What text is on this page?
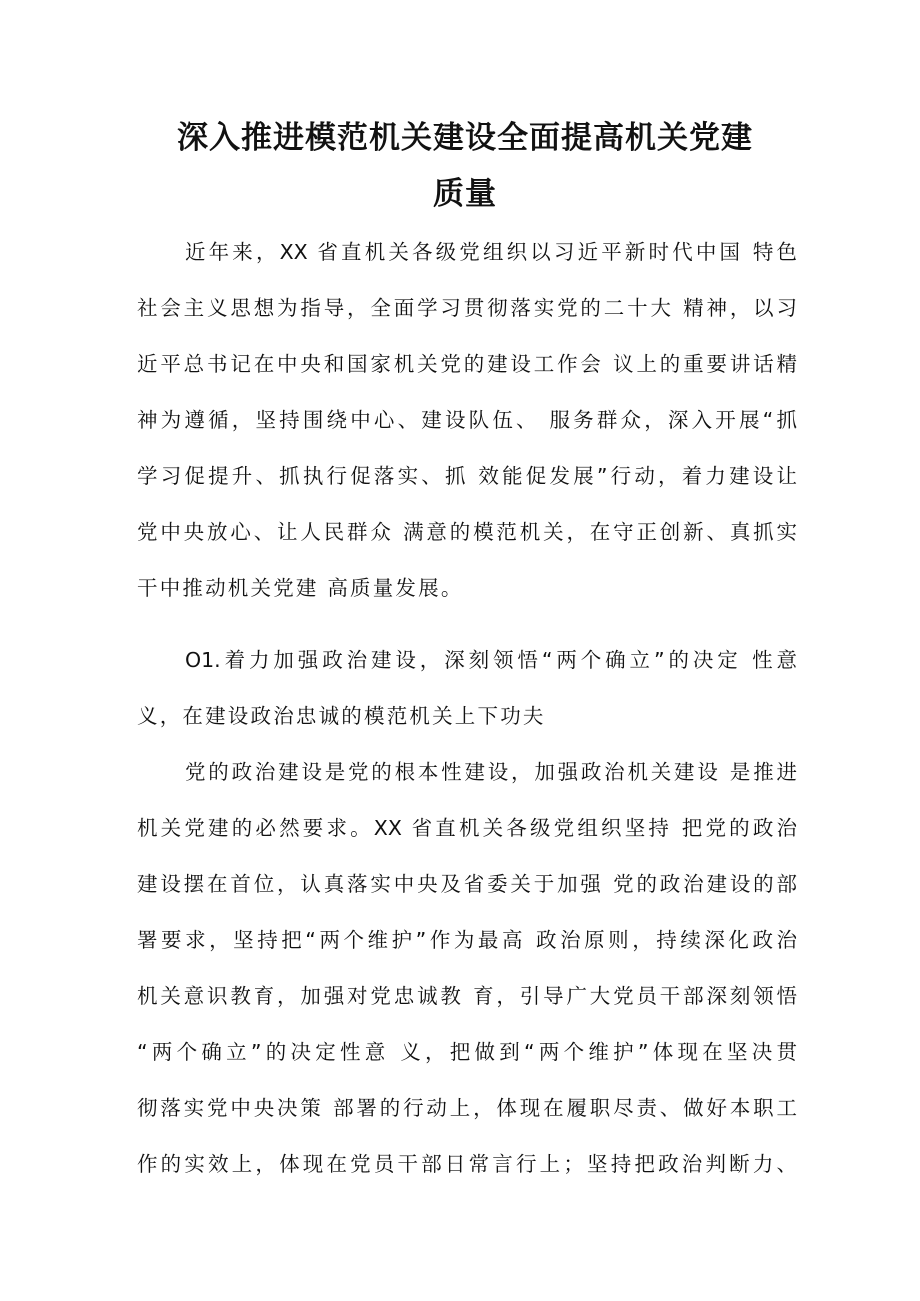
深入推进模范机关建设全面提高机关党建
质量
近年来，XX 省直机关各级党组织以习近平新时代中国 特色
社会主义思想为指导，全面学习贯彻落实党的二十大 精神，以习
近平总书记在中央和国家机关党的建设工作会 议上的重要讲话精
神为遵循，坚持围绕中心、建设队伍、 服务群众，深入开展“抓
学习促提升、抓执行促落实、抓 效能促发展”行动，着力建设让
党中央放心、让人民群众 满意的模范机关，在守正创新、真抓实
干中推动机关党建 高质量发展。
O1.着力加强政治建设，深刻领悟“两个确立”的决定 性意
义，在建设政治忠诚的模范机关上下功夫
党的政治建设是党的根本性建设，加强政治机关建设 是推进
机关党建的必然要求。XX 省直机关各级党组织坚持 把党的政治
建设摆在首位，认真落实中央及省委关于加强 党的政治建设的部
署要求，坚持把“两个维护”作为最高 政治原则，持续深化政治
机关意识教育，加强对党忠诚教 育，引导广大党员干部深刻领悟
“两个确立”的决定性意 义，把做到“两个维护”体现在坚决贯
彻落实党中央决策 部署的行动上，体现在履职尽责、做好本职工
作的实效上，体现在党员干部日常言行上；坚持把政治判断力、
